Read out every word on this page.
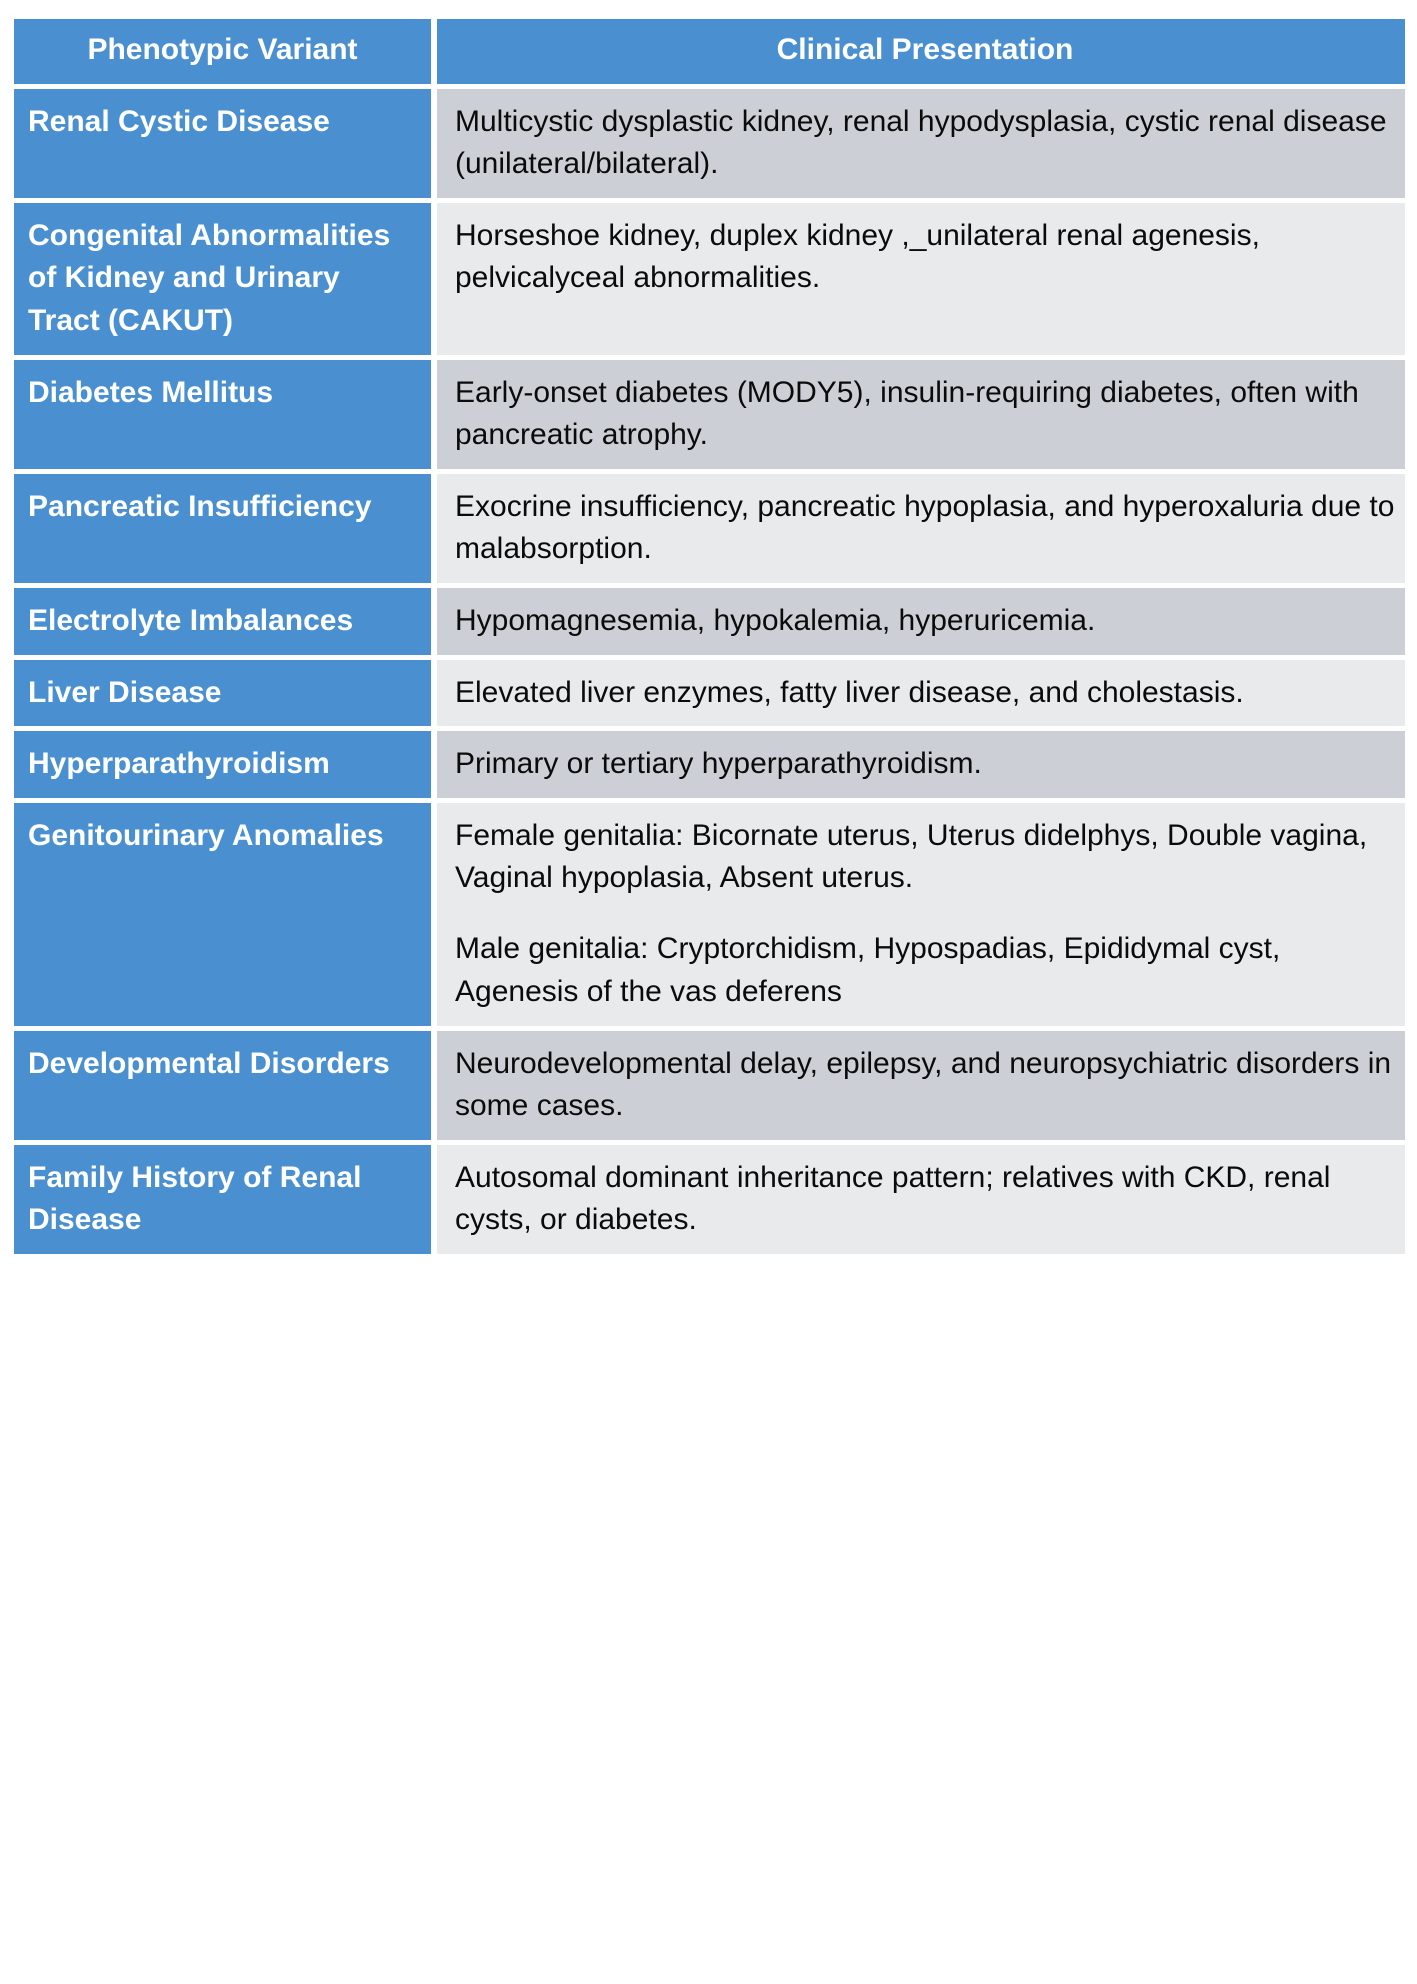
Phenotypic Variant	Clinical Presentation
Renal Cystic Disease	Multicystic dysplastic kidney, renal hypodysplasia, cystic renal disease (unilateral/bilateral).
Congenital Abnormalities of Kidney and Urinary Tract (CAKUT)	Horseshoe kidney, duplex kidney ,_unilateral renal agenesis, pelvicalyceal abnormalities.
Diabetes Mellitus	Early-onset diabetes (MODY5), insulin-requiring diabetes, often with pancreatic atrophy.
Pancreatic Insufficiency	Exocrine insufficiency, pancreatic hypoplasia, and hyperoxaluria due to malabsorption.
Electrolyte Imbalances	Hypomagnesemia, hypokalemia, hyperuricemia.
Liver Disease	Elevated liver enzymes, fatty liver disease, and cholestasis.
Hyperparathyroidism	Primary or tertiary hyperparathyroidism.
Genitourinary Anomalies	Female genitalia: Bicornate uterus, Uterus didelphys, Double vagina, Vaginal hypoplasia, Absent uterus.

Male genitalia: Cryptorchidism, Hypospadias, Epididymal cyst, Agenesis of the vas deferens

Developmental Disorders	Neurodevelopmental delay, epilepsy, and neuropsychiatric disorders in some cases.
Family History of Renal Disease	Autosomal dominant inheritance pattern; relatives with CKD, renal cysts, or diabetes.
